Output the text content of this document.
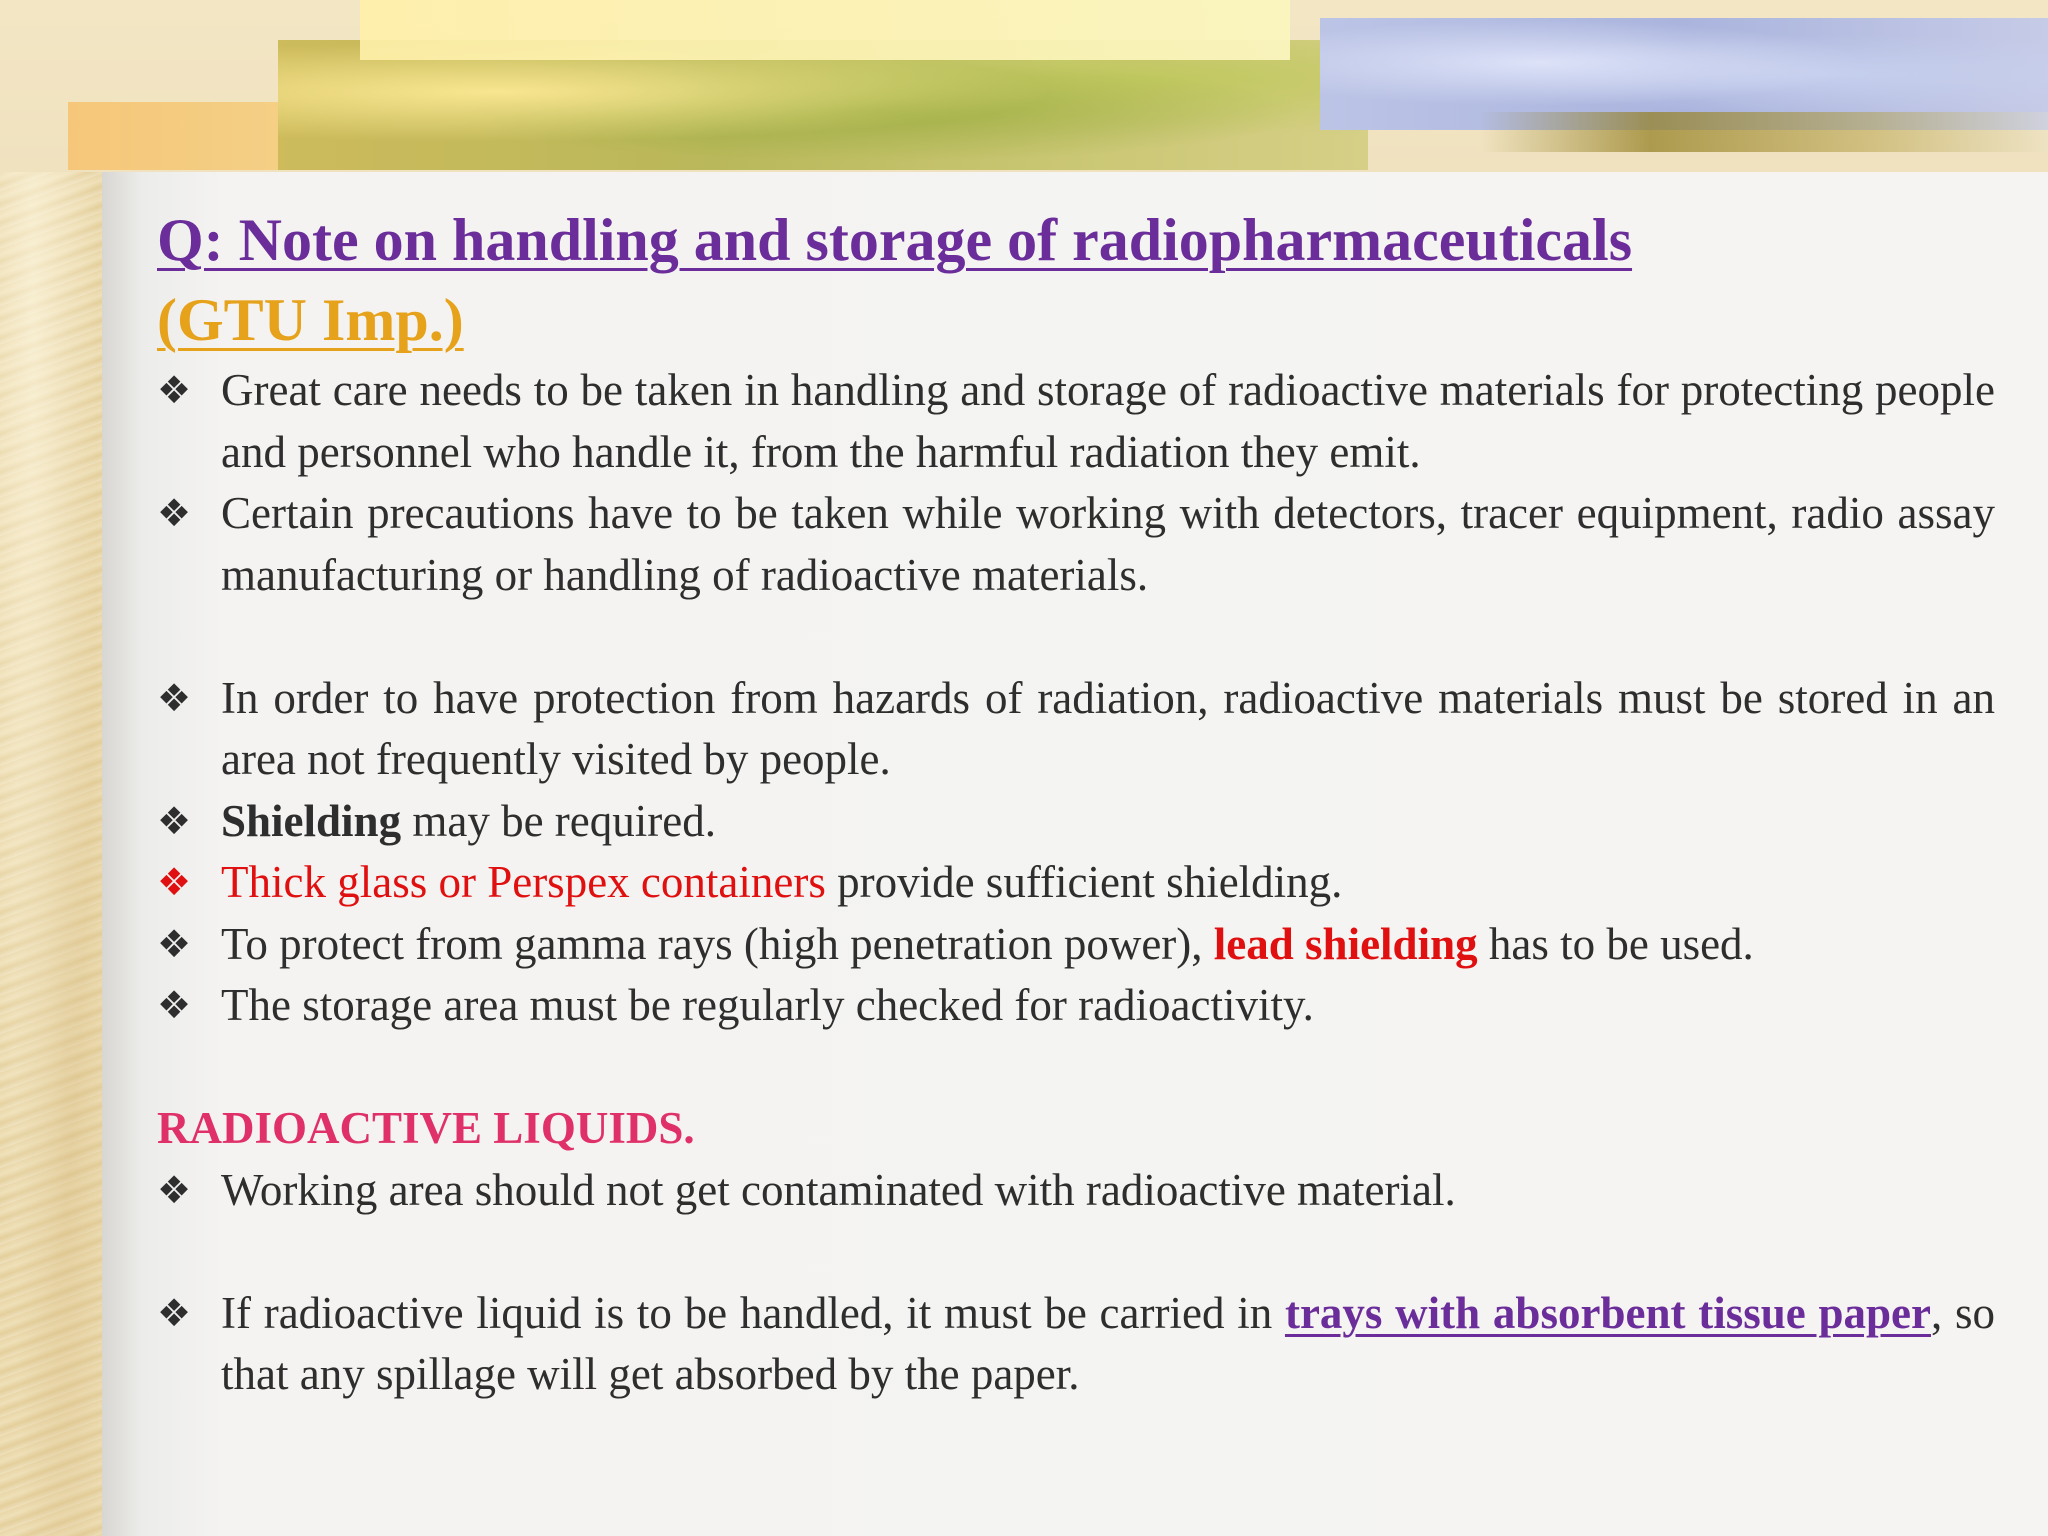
Q: Note on handling and storage of radiopharmaceuticals

(GTU Imp.)

❖ Great care needs to be taken in handling and storage of radioactive materials for protecting people and personnel who handle it, from the harmful radiation they emit.

❖ Certain precautions have to be taken while working with detectors, tracer equipment, radio assay manufacturing or handling of radioactive materials.

❖ In order to have protection from hazards of radiation, radioactive materials must be stored in an area not frequently visited by people.

❖ Shielding may be required.

❖ Thick glass or Perspex containers provide sufficient shielding.

❖ To protect from gamma rays (high penetration power), lead shielding has to be used.

❖ The storage area must be regularly checked for radioactivity.

RADIOACTIVE LIQUIDS.

❖ Working area should not get contaminated with radioactive material.

❖ If radioactive liquid is to be handled, it must be carried in trays with absorbent tissue paper, so that any spillage will get absorbed by the paper.
